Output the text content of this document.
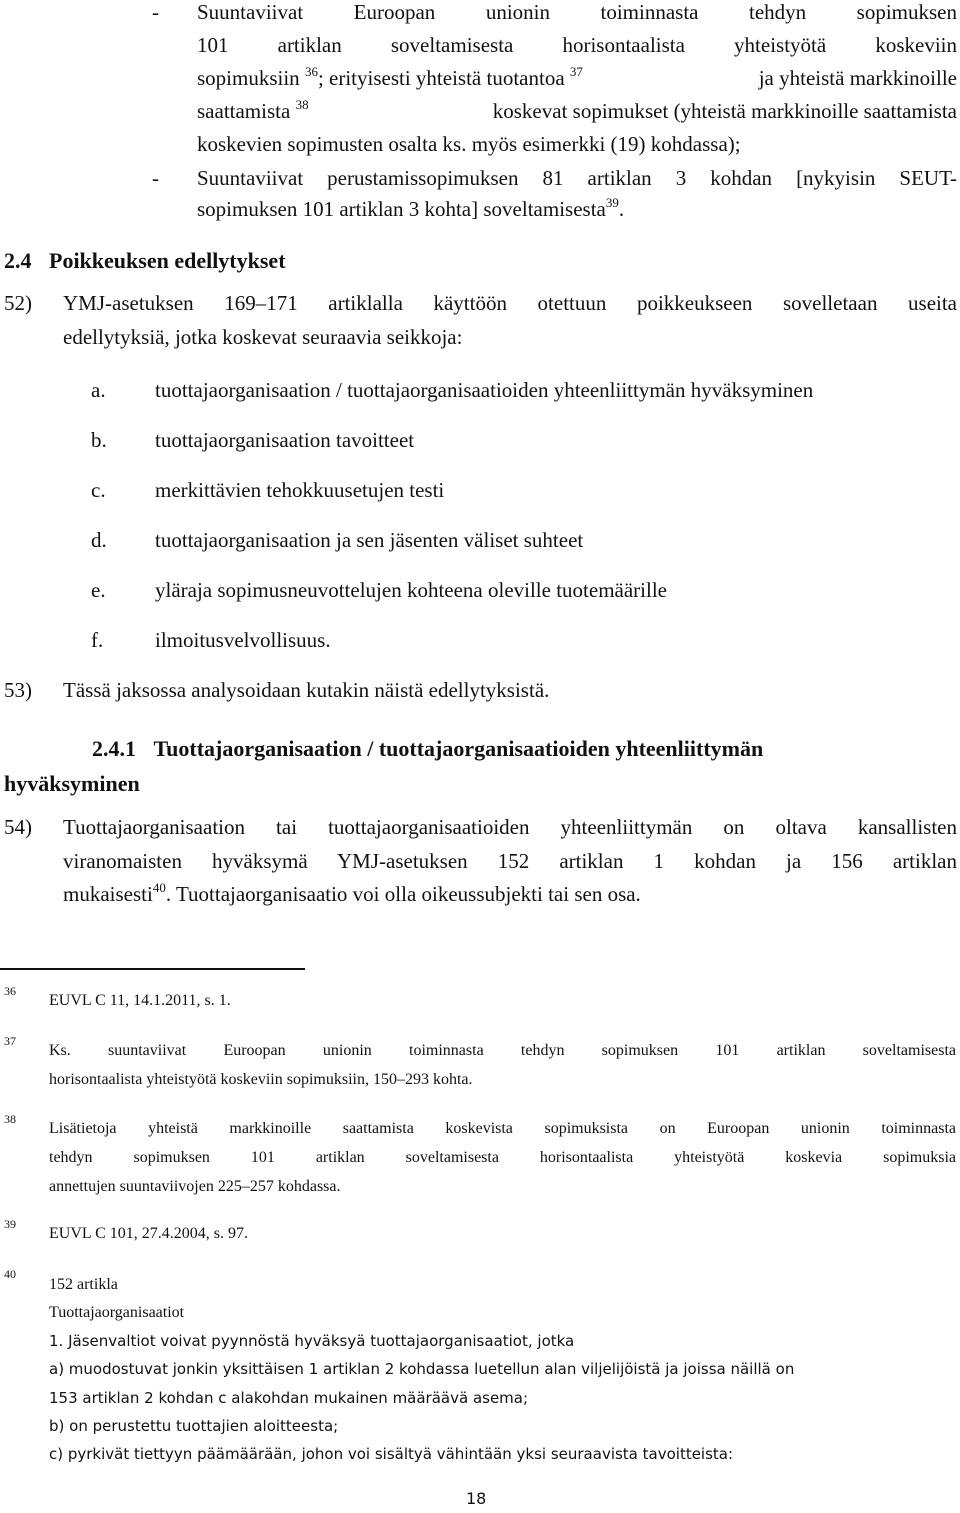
- Suuntaviivat Euroopan unionin toiminnasta tehdyn sopimuksen
101 artiklan soveltamisesta horisontaalista yhteistyötä koskeviin
sopimuksiin $^{36}$; erityisesti yhteistä tuotantoa $^{37}$	ja yhteistä markkinoille
saattamista $^{38}$	koskevat sopimukset (yhteistä markkinoille saattamista
koskevien sopimusten osalta ks. myös esimerkki (19) kohdassa);
- Suuntaviivat perustamissopimuksen 81 artiklan 3 kohdan [nykyisin SEUT-
sopimuksen 101 artiklan 3 kohta] soveltamisesta$^{39}$.
2.4 Poikkeuksen edellytykset
52) YMJ-asetuksen 169–171 artiklalla käyttöön otettuun poikkeukseen sovelletaan useita
edellytyksiä, jotka koskevat seuraavia seikkoja:
a. tuottajaorganisaation / tuottajaorganisaatioiden yhteenliittymän hyväksyminen
b. tuottajaorganisaation tavoitteet
c. merkittävien tehokkuusetujen testi
d. tuottajaorganisaation ja sen jäsenten väliset suhteet
e. yläraja sopimusneuvottelujen kohteena oleville tuotemäärille
f. ilmoitusvelvollisuus.
53) Tässä jaksossa analysoidaan kutakin näistä edellytyksistä.
2.4.1 Tuottajaorganisaation / tuottajaorganisaatioiden yhteenliittymän
hyväksyminen
54) Tuottajaorganisaation tai tuottajaorganisaatioiden yhteenliittymän on oltava kansallisten
viranomaisten hyväksymä YMJ-asetuksen 152 artiklan 1 kohdan ja 156 artiklan
mukaisesti$^{40}$. Tuottajaorganisaatio voi olla oikeussubjekti tai sen osa.
36
EUVL C 11, 14.1.2011, s. 1.
37
Ks. suuntaviivat Euroopan unionin toiminnasta tehdyn sopimuksen 101 artiklan soveltamisesta
horisontaalista yhteistyötä koskeviin sopimuksiin, 150–293 kohta.
38
Lisätietoja yhteistä markkinoille saattamista koskevista sopimuksista on Euroopan unionin toiminnasta
tehdyn sopimuksen 101 artiklan soveltamisesta horisontaalista yhteistyötä koskevia sopimuksia
annettujen suuntaviivojen 225–257 kohdassa.
39
EUVL C 101, 27.4.2004, s. 97.
40
152 artikla
Tuottajaorganisaatiot
1. Jäsenvaltiot voivat pyynnöstä hyväksyä tuottajaorganisaatiot, jotka
a) muodostuvat jonkin yksittäisen 1 artiklan 2 kohdassa luetellun alan viljelijöistä ja joissa näillä on
153 artiklan 2 kohdan c alakohdan mukainen määräävä asema;
b) on perustettu tuottajien aloitteesta;
c) pyrkivät tiettyyn päämäärään, johon voi sisältyä vähintään yksi seuraavista tavoitteista:
18
